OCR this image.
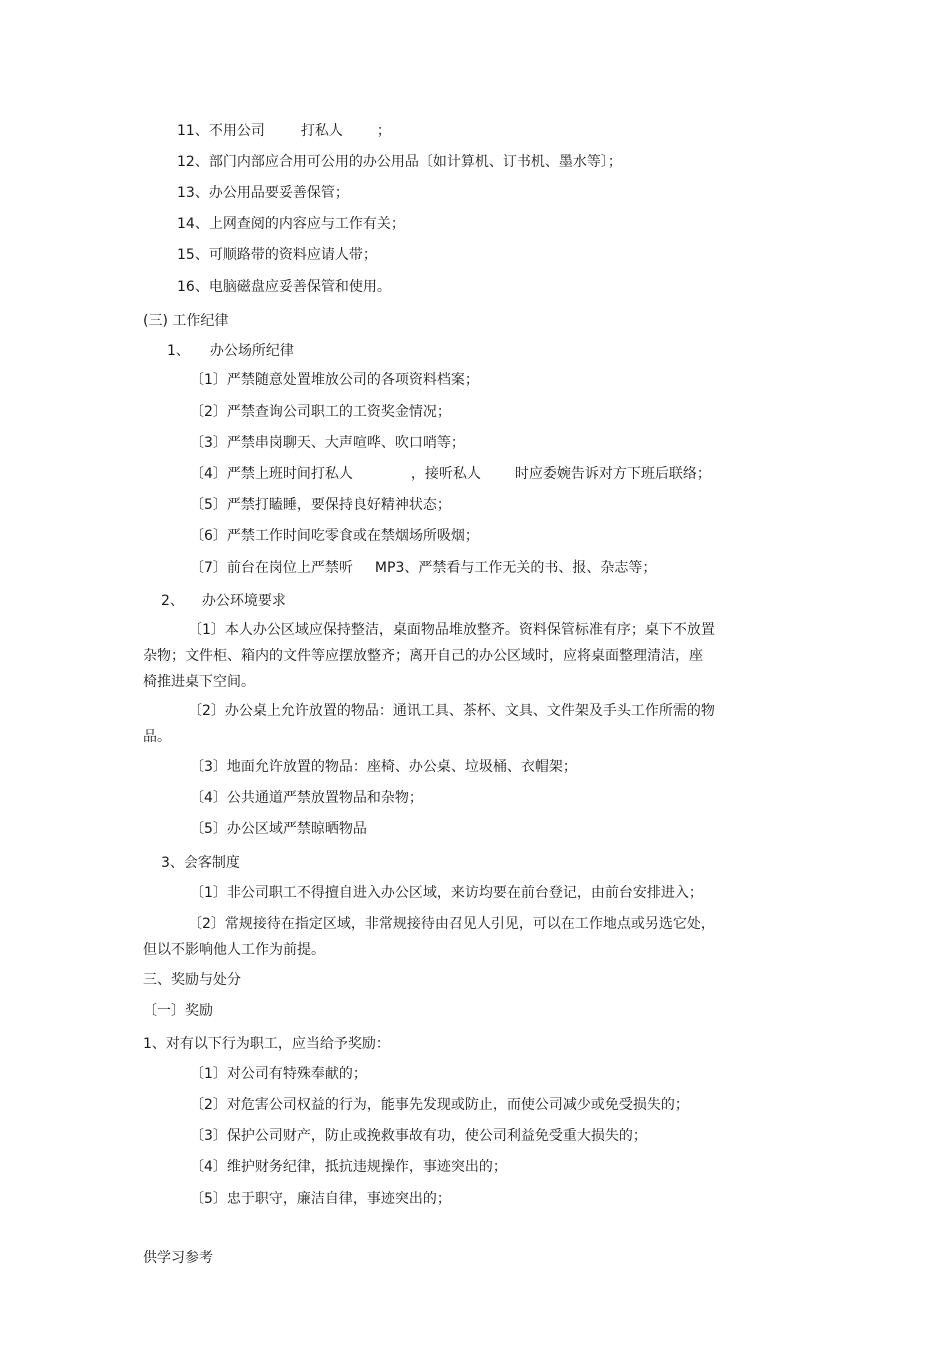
11、不用公司	打私人 ；
12、部门内部应合用可公用的办公用品〔如计算机、订书机、墨水等〕；
13、办公用品要妥善保管；
14、上网查阅的内容应与工作有关；
15、可顺路带的资料应请人带；
16、电脑磁盘应妥善保管和使用。
(三) 工作纪律
1、 办公场所纪律
〔1〕严禁随意处置堆放公司的各项资料档案；
〔2〕严禁查询公司职工的工资奖金情况；
〔3〕严禁串岗聊天、大声喧哗、吹口哨等；
〔4〕严禁上班时间打私人	，接听私人 时应委婉告诉对方下班后联络；
〔5〕严禁打瞌睡，要保持良好精神状态；
〔6〕严禁工作时间吃零食或在禁烟场所吸烟；
〔7〕前台在岗位上严禁听 MP3、严禁看与工作无关的书、报、杂志等；
2、 办公环境要求
〔1〕本人办公区域应保持整洁，桌面物品堆放整齐。资料保管标准有序；桌下不放置
杂物；文件柜、箱内的文件等应摆放整齐；离开自己的办公区域时，应将桌面整理清洁，座
椅推进桌下空间。
〔2〕办公桌上允许放置的物品：通讯工具、茶杯、文具、文件架及手头工作所需的物
品。
〔3〕地面允许放置的物品：座椅、办公桌、垃圾桶、衣帽架；
〔4〕公共通道严禁放置物品和杂物；
〔5〕办公区域严禁晾晒物品
3、会客制度
〔1〕非公司职工不得擅自进入办公区域，来访均要在前台登记，由前台安排进入；
〔2〕常规接待在指定区域，非常规接待由召见人引见，可以在工作地点或另选它处，
但以不影响他人工作为前提。
三、奖励与处分
〔一〕奖励
1、对有以下行为职工，应当给予奖励：
〔1〕对公司有特殊奉献的；
〔2〕对危害公司权益的行为，能事先发现或防止，而使公司减少或免受损失的；
〔3〕保护公司财产，防止或挽救事故有功，使公司利益免受重大损失的；
〔4〕维护财务纪律，抵抗违规操作，事迹突出的；
〔5〕忠于职守，廉洁自律，事迹突出的；
供学习参考
